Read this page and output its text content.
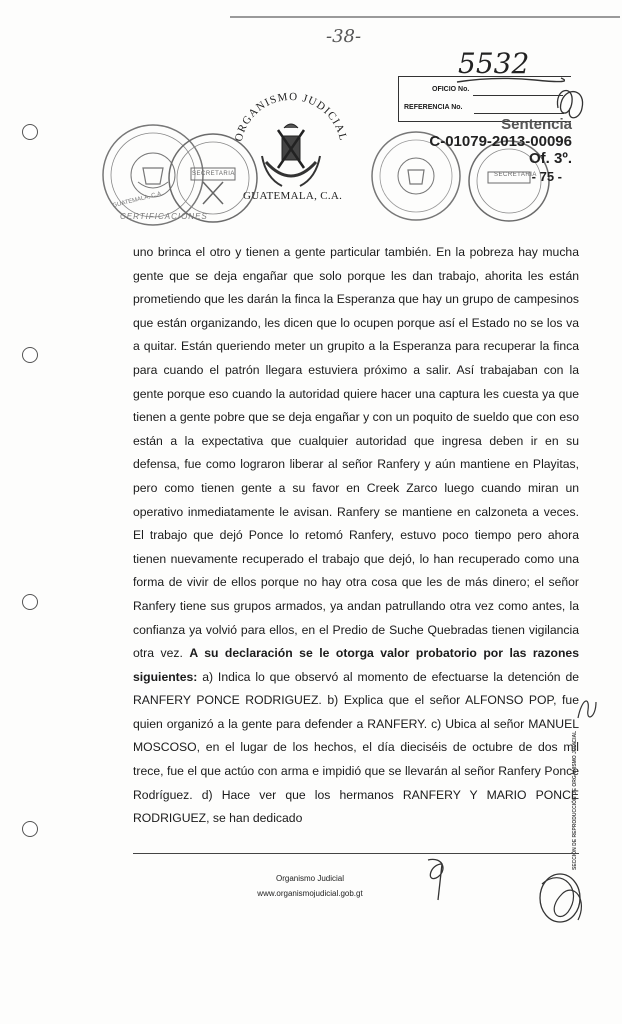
-38-
5532
SECRETARIA
GUATEMALA, C.A.
CERTIFICACIONES
ORGANISMO JUDICIAL
GUATEMALA, C.A.
OFICIO No.
REFERENCIA No.
SECRETARIA
Sentencia
C-01079-2013-00096
Of. 3º.
- 75 -

uno brinca el otro y tienen a gente particular también. En la pobreza hay mucha gente que se deja engañar que solo porque les dan trabajo, ahorita les están prometiendo que les darán la finca la Esperanza que hay un grupo de campesinos que están organizando, les dicen que lo ocupen porque así el Estado no se los va a quitar. Están queriendo meter un grupito a la Esperanza para recuperar la finca para cuando el patrón llegara estuviera próximo a salir. Así trabajaban con la gente porque eso cuando la autoridad quiere hacer una captura les cuesta ya que tienen a gente pobre que se deja engañar y con un poquito de sueldo que con eso están a la expectativa que cualquier autoridad que ingresa deben ir en su defensa, fue como lograron liberar al señor Ranfery y aún mantiene en Playitas, pero como tienen gente a su favor en Creek Zarco luego cuando miran un operativo inmediatamente le avisan. Ranfery se mantiene en calzoneta a veces. El trabajo que dejó Ponce lo retomó Ranfery, estuvo poco tiempo pero ahora tienen nuevamente recuperado el trabajo que dejó, lo han recuperado como una forma de vivir de ellos porque no hay otra cosa que les de más dinero; el señor Ranfery tiene sus grupos armados, ya andan patrullando otra vez como antes, la confianza ya volvió para ellos, en el Predio de Suche Quebradas tienen vigilancia otra vez. A su declaración se le otorga valor probatorio por las razones siguientes: a) Indica lo que observó al momento de efectuarse la detención de RANFERY PONCE RODRIGUEZ. b) Explica que el señor ALFONSO POP, fue quien organizó a la gente para defender a RANFERY. c) Ubica al señor MANUEL MOSCOSO, en el lugar de los hechos, el día dieciséis de octubre de dos mil trece, fue el que actúo con arma e impidió que se llevarán al señor Ranfery Ponce Rodríguez. d) Hace ver que los hermanos RANFERY Y MARIO PONCE RODRIGUEZ, se han dedicado	SECCIÓN DE REPRODUCCIÓN DE ORGANISMO JUDICIAL
Organismo Judicial
www.organismojudicial.gob.gt
